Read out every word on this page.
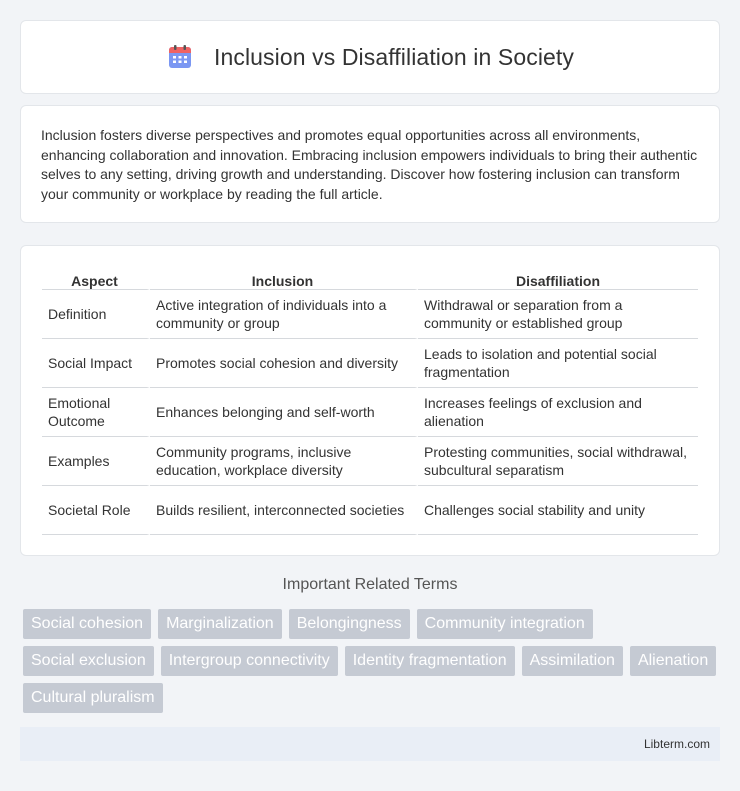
Inclusion vs Disaffiliation in Society

Inclusion fosters diverse perspectives and promotes equal opportunities across all environments, enhancing collaboration and innovation. Embracing inclusion empowers individuals to bring their authentic selves to any setting, driving growth and understanding. Discover how fostering inclusion can transform your community or workplace by reading the full article.

Aspect	Inclusion	Disaffiliation
Definition	Active integration of individuals into a community or group	Withdrawal or separation from a community or established group
Social Impact	Promotes social cohesion and diversity	Leads to isolation and potential social fragmentation
Emotional Outcome	Enhances belonging and self-worth	Increases feelings of exclusion and alienation
Examples	Community programs, inclusive education, workplace diversity	Protesting communities, social withdrawal, subcultural separatism
Societal Role	Builds resilient, interconnected societies	Challenges social stability and unity
Important Related Terms
Social cohesion	Marginalization	Belongingness	Community integration
Social exclusion	Intergroup connectivity	Identity fragmentation	Assimilation	Alienation
Cultural pluralism
Libterm.com
